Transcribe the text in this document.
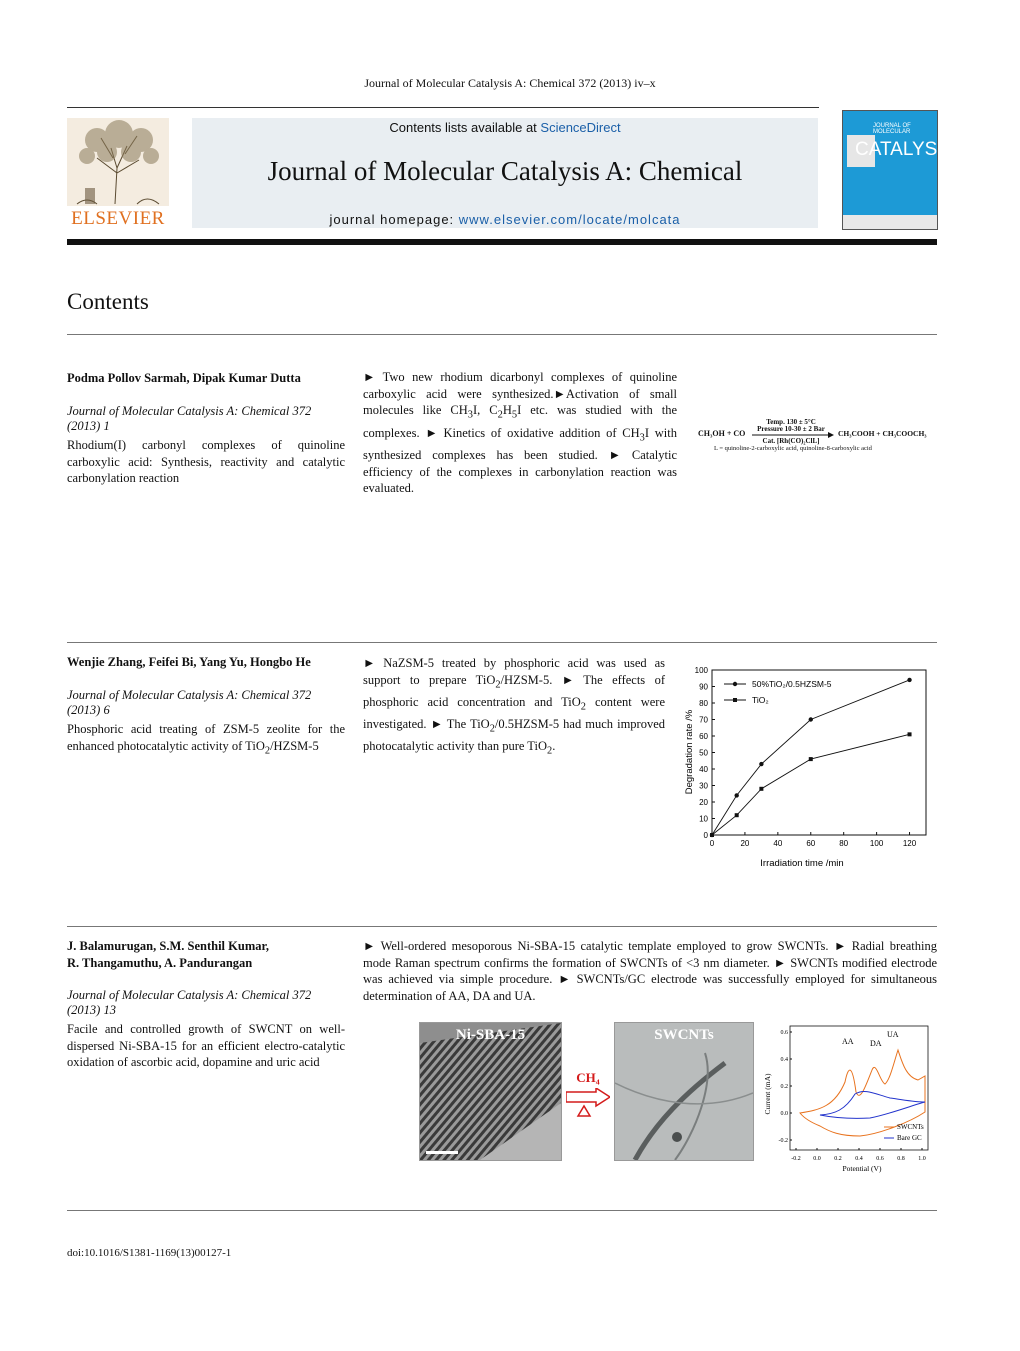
Journal of Molecular Catalysis A: Chemical 372 (2013) iv–x
ELSEVIER
Contents lists available at ScienceDirect
Journal of Molecular Catalysis A: Chemical
journal homepage: www.elsevier.com/locate/molcata
JOURNAL OF MOLECULAR
CATALYSIS
Contents
Podma Pollov Sarmah, Dipak Kumar Dutta
Journal of Molecular Catalysis A: Chemical 372 (2013) 1
Rhodium(I) carbonyl complexes of quinoline carboxylic acid: Synthesis, reactivity and catalytic carbonylation reaction
► Two new rhodium dicarbonyl complexes of quinoline carboxylic acid were synthesized.►Activation of small molecules like $CH_3I$, $C_2H_5I$ etc. was studied with the complexes. ► Kinetics of oxidative addition of $CH_3I$ with synthesized complexes has been studied. ► Catalytic efficiency of the complexes in carbonylation reaction was evaluated.
CH₃OH + CO
Temp. 130 ± 5°C
Pressure 10-30 ± 2 Bar
Cat. [Rh(CO)₂ClL]
CH₃COOH + CH₃COOCH₃
L = quinoline-2-carboxylic acid, quinoline-8-carboxylic acid
Wenjie Zhang, Feifei Bi, Yang Yu, Hongbo He
Journal of Molecular Catalysis A: Chemical 372 (2013) 6
Phosphoric acid treating of ZSM-5 zeolite for the enhanced photocatalytic activity of TiO$_2$/HZSM-5
► NaZSM-5 treated by phosphoric acid was used as support to prepare TiO$_2$/HZSM-5. ► The effects of phosphoric acid concentration and TiO$_2$ content were investigated. ► The TiO$_2$/0.5HZSM-5 had much improved photocatalytic activity than pure TiO$_2$.
0	20	40	60	80	100 120
0
10
20
30
40
50
60
70
80
90
100
50%TiO₂/0.5HZSM-5
TiO₂
Irradiation time /min
Degradation rate /%
J. Balamurugan, S.M. Senthil Kumar,
R. Thangamuthu, A. Pandurangan
Journal of Molecular Catalysis A: Chemical 372 (2013) 13
Facile and controlled growth of SWCNT on well-dispersed Ni-SBA-15 for an efficient electro-catalytic oxidation of ascorbic acid, dopamine and uric acid
► Well-ordered mesoporous Ni-SBA-15 catalytic template employed to grow SWCNTs. ► Radial breathing mode Raman spectrum confirms the formation of SWCNTs of <3 nm diameter. ► SWCNTs modified electrode was achieved via simple procedure. ► SWCNTs/GC electrode was successfully employed for simultaneous determination of AA, DA and UA.
Ni-SBA-15
CH₄
SWCNTs
-0.2 0.0 0.2 0.4 0.6 0.8 1.0
-0.2
0.0
0.2
0.4
0.6
AA DA
UA
SWCNTs
Bare GC
Potential (V)
Current (mA)
doi:10.1016/S1381-1169(13)00127-1
